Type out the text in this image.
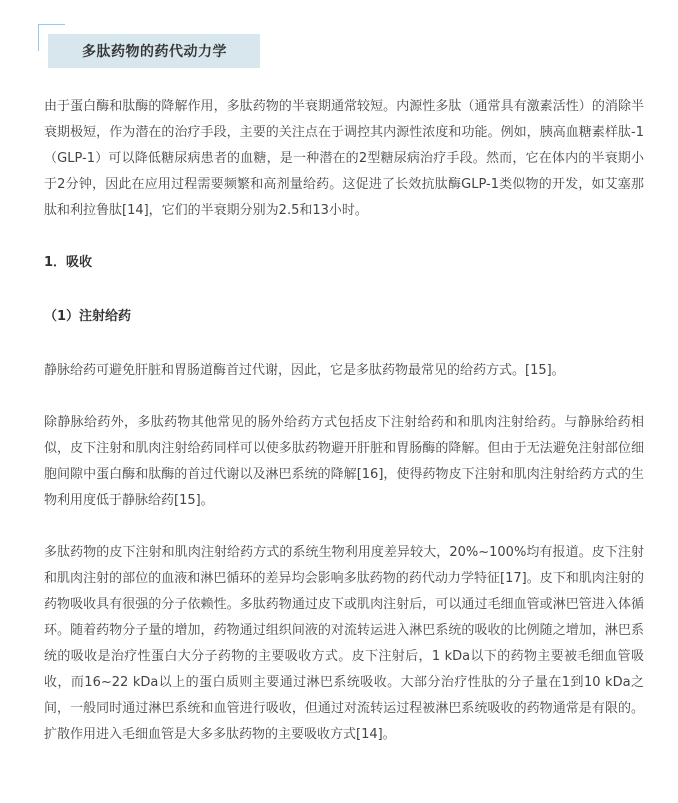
多肽药物的药代动力学

由于蛋白酶和肽酶的降解作用，多肽药物的半衰期通常较短。内源性多肽（通常具有激素活性）的消除半衰期极短，作为潜在的治疗手段，主要的关注点在于调控其内源性浓度和功能。例如，胰高血糖素样肽-1 （GLP-1）可以降低糖尿病患者的血糖，是一种潜在的2型糖尿病治疗手段。然而，它在体内的半衰期小于2分钟，因此在应用过程需要频繁和高剂量给药。这促进了长效抗肽酶GLP-1类似物的开发，如艾塞那肽和利拉鲁肽[14]，它们的半衰期分别为2.5和13小时。

1．吸收
（1）注射给药

静脉给药可避免肝脏和胃肠道酶首过代谢，因此，它是多肽药物最常见的给药方式。[15]。

除静脉给药外，多肽药物其他常见的肠外给药方式包括皮下注射给药和和肌肉注射给药。与静脉给药相似，皮下注射和肌肉注射给药同样可以使多肽药物避开肝脏和胃肠酶的降解。但由于无法避免注射部位细胞间隙中蛋白酶和肽酶的首过代谢以及淋巴系统的降解[16]，使得药物皮下注射和肌肉注射给药方式的生物利用度低于静脉给药[15]。

多肽药物的皮下注射和肌肉注射给药方式的系统生物利用度差异较大，20%~100%均有报道。皮下注射和肌肉注射的部位的血液和淋巴循环的差异均会影响多肽药物的药代动力学特征[17]。皮下和肌肉注射的药物吸收具有很强的分子依赖性。多肽药物通过皮下或肌肉注射后，可以通过毛细血管或淋巴管进入体循环。随着药物分子量的增加，药物通过组织间液的对流转运进入淋巴系统的吸收的比例随之增加，淋巴系统的吸收是治疗性蛋白大分子药物的主要吸收方式。皮下注射后，1 kDa以下的药物主要被毛细血管吸收，而16~22 kDa以上的蛋白质则主要通过淋巴系统吸收。大部分治疗性肽的分子量在1到10 kDa之间，一般同时通过淋巴系统和血管进行吸收，但通过对流转运过程被淋巴系统吸收的药物通常是有限的。扩散作用进入毛细血管是大多多肽药物的主要吸收方式[14]。
